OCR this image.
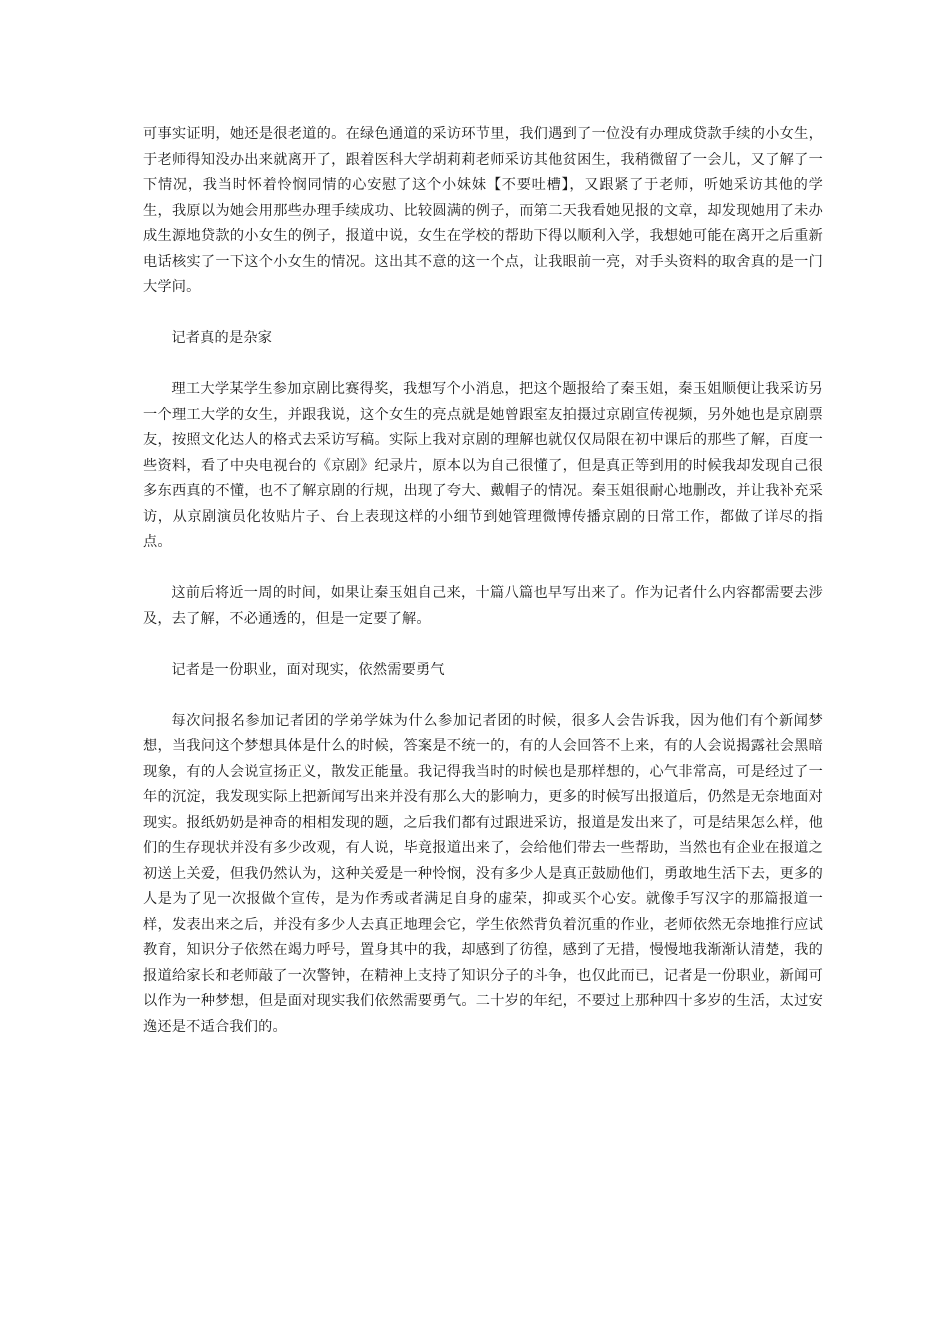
可事实证明，她还是很老道的。在绿色通道的采访环节里，我们遇到了一位没有办理成贷款手续的小女生，于老师得知没办出来就离开了，跟着医科大学胡莉莉老师采访其他贫困生，我稍微留了一会儿，又了解了一下情况，我当时怀着怜悯同情的心安慰了这个小妹妹【不要吐槽】，又跟紧了于老师，听她采访其他的学生，我原以为她会用那些办理手续成功、比较圆满的例子，而第二天我看她见报的文章，却发现她用了未办成生源地贷款的小女生的例子，报道中说，女生在学校的帮助下得以顺利入学，我想她可能在离开之后重新电话核实了一下这个小女生的情况。这出其不意的这一个点，让我眼前一亮，对手头资料的取舍真的是一门大学问。

记者真的是杂家

理工大学某学生参加京剧比赛得奖，我想写个小消息，把这个题报给了秦玉姐，秦玉姐顺便让我采访另一个理工大学的女生，并跟我说，这个女生的亮点就是她曾跟室友拍摄过京剧宣传视频，另外她也是京剧票友，按照文化达人的格式去采访写稿。实际上我对京剧的理解也就仅仅局限在初中课后的那些了解，百度一些资料，看了中央电视台的《京剧》纪录片，原本以为自己很懂了，但是真正等到用的时候我却发现自己很多东西真的不懂，也不了解京剧的行规，出现了夸大、戴帽子的情况。秦玉姐很耐心地删改，并让我补充采访，从京剧演员化妆贴片子、台上表现这样的小细节到她管理微博传播京剧的日常工作，都做了详尽的指点。

这前后将近一周的时间，如果让秦玉姐自己来，十篇八篇也早写出来了。作为记者什么内容都需要去涉及，去了解，不必通透的，但是一定要了解。

记者是一份职业，面对现实，依然需要勇气

每次问报名参加记者团的学弟学妹为什么参加记者团的时候，很多人会告诉我，因为他们有个新闻梦想，当我问这个梦想具体是什么的时候，答案是不统一的，有的人会回答不上来，有的人会说揭露社会黑暗现象，有的人会说宣扬正义，散发正能量。我记得我当时的时候也是那样想的，心气非常高，可是经过了一年的沉淀，我发现实际上把新闻写出来并没有那么大的影响力，更多的时候写出报道后，仍然是无奈地面对现实。报纸奶奶是神奇的相相发现的题，之后我们都有过跟进采访，报道是发出来了，可是结果怎么样，他们的生存现状并没有多少改观，有人说，毕竟报道出来了，会给他们带去一些帮助，当然也有企业在报道之初送上关爱，但我仍然认为，这种关爱是一种怜悯，没有多少人是真正鼓励他们，勇敢地生活下去，更多的人是为了见一次报做个宣传，是为作秀或者满足自身的虚荣，抑或买个心安。就像手写汉字的那篇报道一样，发表出来之后，并没有多少人去真正地理会它，学生依然背负着沉重的作业，老师依然无奈地推行应试教育，知识分子依然在竭力呼号，置身其中的我，却感到了彷徨，感到了无措，慢慢地我渐渐认清楚，我的报道给家长和老师敲了一次警钟，在精神上支持了知识分子的斗争，也仅此而已，记者是一份职业，新闻可以作为一种梦想，但是面对现实我们依然需要勇气。二十岁的年纪，不要过上那种四十多岁的生活，太过安逸还是不适合我们的。
